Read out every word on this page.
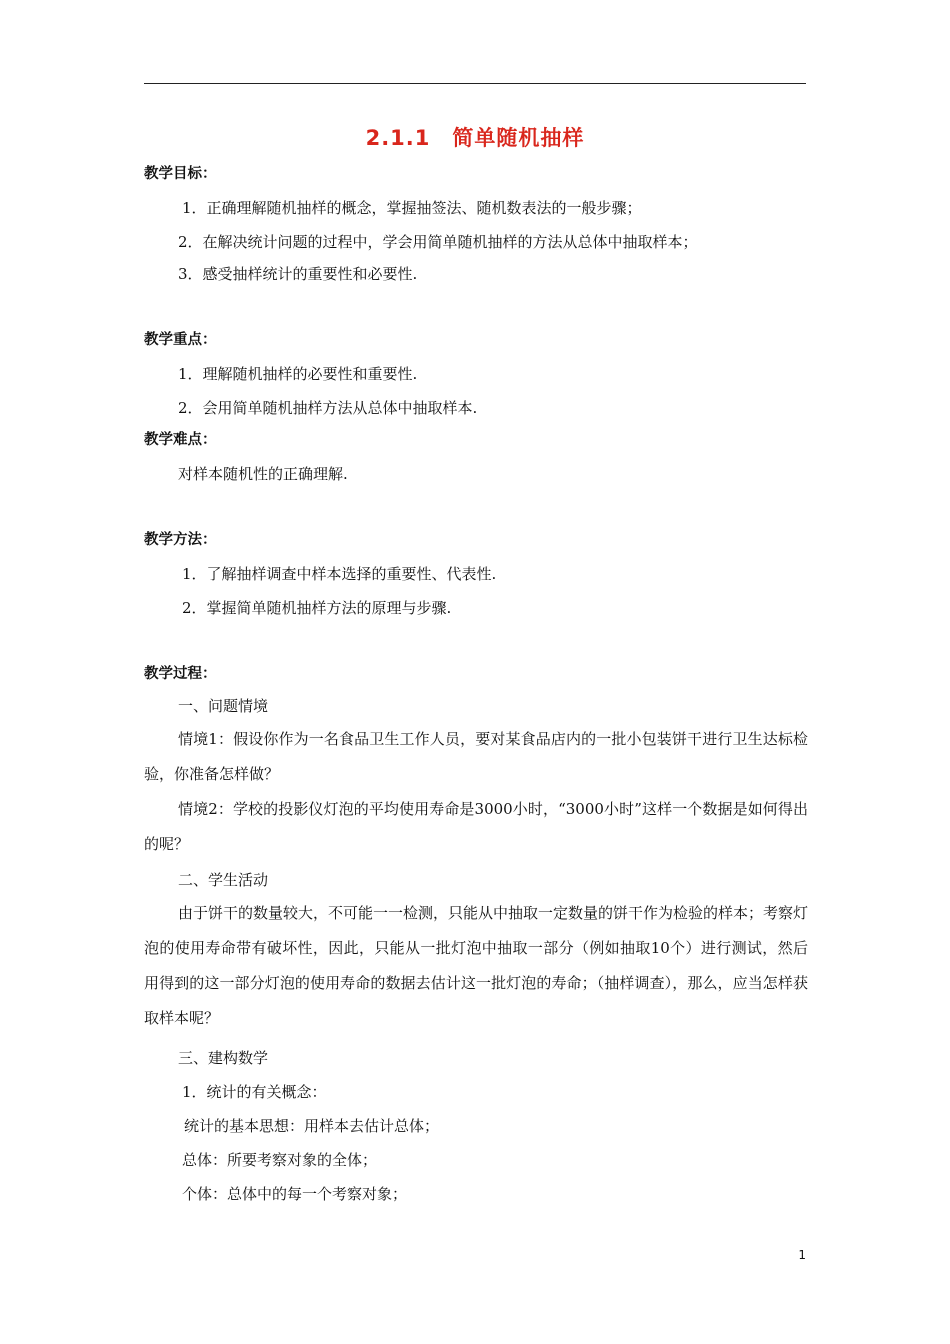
2.1.1　简单随机抽样
教学目标：
1．正确理解随机抽样的概念，掌握抽签法、随机数表法的一般步骤；
2．在解决统计问题的过程中，学会用简单随机抽样的方法从总体中抽取样本；
3．感受抽样统计的重要性和必要性.
教学重点：
1．理解随机抽样的必要性和重要性.
2．会用简单随机抽样方法从总体中抽取样本.
教学难点：
对样本随机性的正确理解.
教学方法：
1．了解抽样调查中样本选择的重要性、代表性.
2．掌握简单随机抽样方法的原理与步骤.
教学过程：
一、问题情境
情境1：假设你作为一名食品卫生工作人员，要对某食品店内的一批小包装饼干进行卫生达标检验，你准备怎样做？
情境2：学校的投影仪灯泡的平均使用寿命是3000小时，“3000小时”这样一个数据是如何得出的呢？
二、学生活动
由于饼干的数量较大，不可能一一检测，只能从中抽取一定数量的饼干作为检验的样本；考察灯泡的使用寿命带有破坏性，因此，只能从一批灯泡中抽取一部分（例如抽取10个）进行测试，然后用得到的这一部分灯泡的使用寿命的数据去估计这一批灯泡的寿命；（抽样调查），那么，应当怎样获取样本呢？
三、建构数学
1．统计的有关概念：
统计的基本思想：用样本去估计总体；
总体：所要考察对象的全体；
个体：总体中的每一个考察对象；
1
